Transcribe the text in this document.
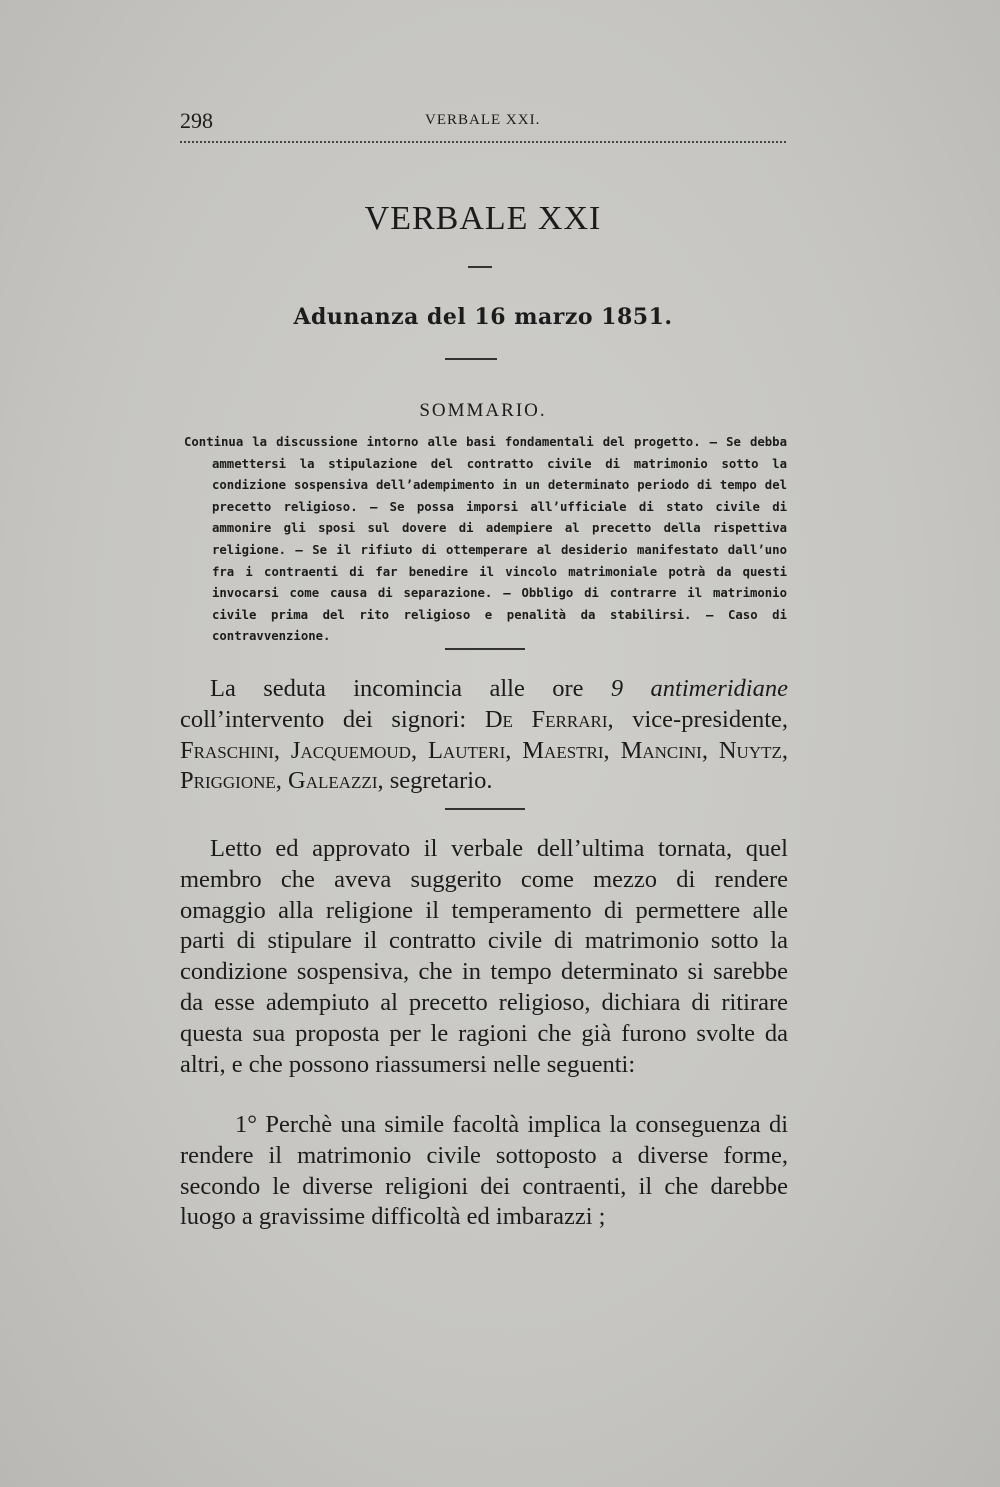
298	VERBALE XXI.
VERBALE XXI
Adunanza del 16 marzo 1851.
SOMMARIO.
Continua la discussione intorno alle basi fondamentali del progetto. — Se debba ammettersi la stipulazione del contratto civile di matrimonio sotto la condizione sospensiva dell’adempimento in un determinato periodo di tempo del precetto religioso. — Se possa imporsi all’ufficiale di stato civile di ammonire gli sposi sul dovere di adempiere al precetto della rispettiva religione. — Se il rifiuto di ottemperare al desiderio manifestato dall’uno fra i contraenti di far benedire il vincolo matrimoniale potrà da questi invocarsi come causa di separazione. — Obbligo di contrarre il matrimonio civile prima del rito religioso e penalità da stabilirsi. — Caso di contravvenzione.
La seduta incomincia alle ore 9 antimeridiane coll’intervento dei signori: De Ferrari, vice-presidente, Fraschini, Jacquemoud, Lauteri, Maestri, Mancini, Nuytz, Priggione, Galeazzi, segretario.
Letto ed approvato il verbale dell’ultima tornata, quel membro che aveva suggerito come mezzo di rendere omaggio alla religione il temperamento di permettere alle parti di stipulare il contratto civile di matrimonio sotto la condizione sospensiva, che in tempo determinato si sarebbe da esse adempiuto al precetto religioso, dichiara di ritirare questa sua proposta per le ragioni che già furono svolte da altri, e che possono riassumersi nelle seguenti:
1° Perchè una simile facoltà implica la conseguenza di rendere il matrimonio civile sottoposto a diverse forme, secondo le diverse religioni dei contraenti, il che darebbe luogo a gravissime difficoltà ed imbarazzi ;
